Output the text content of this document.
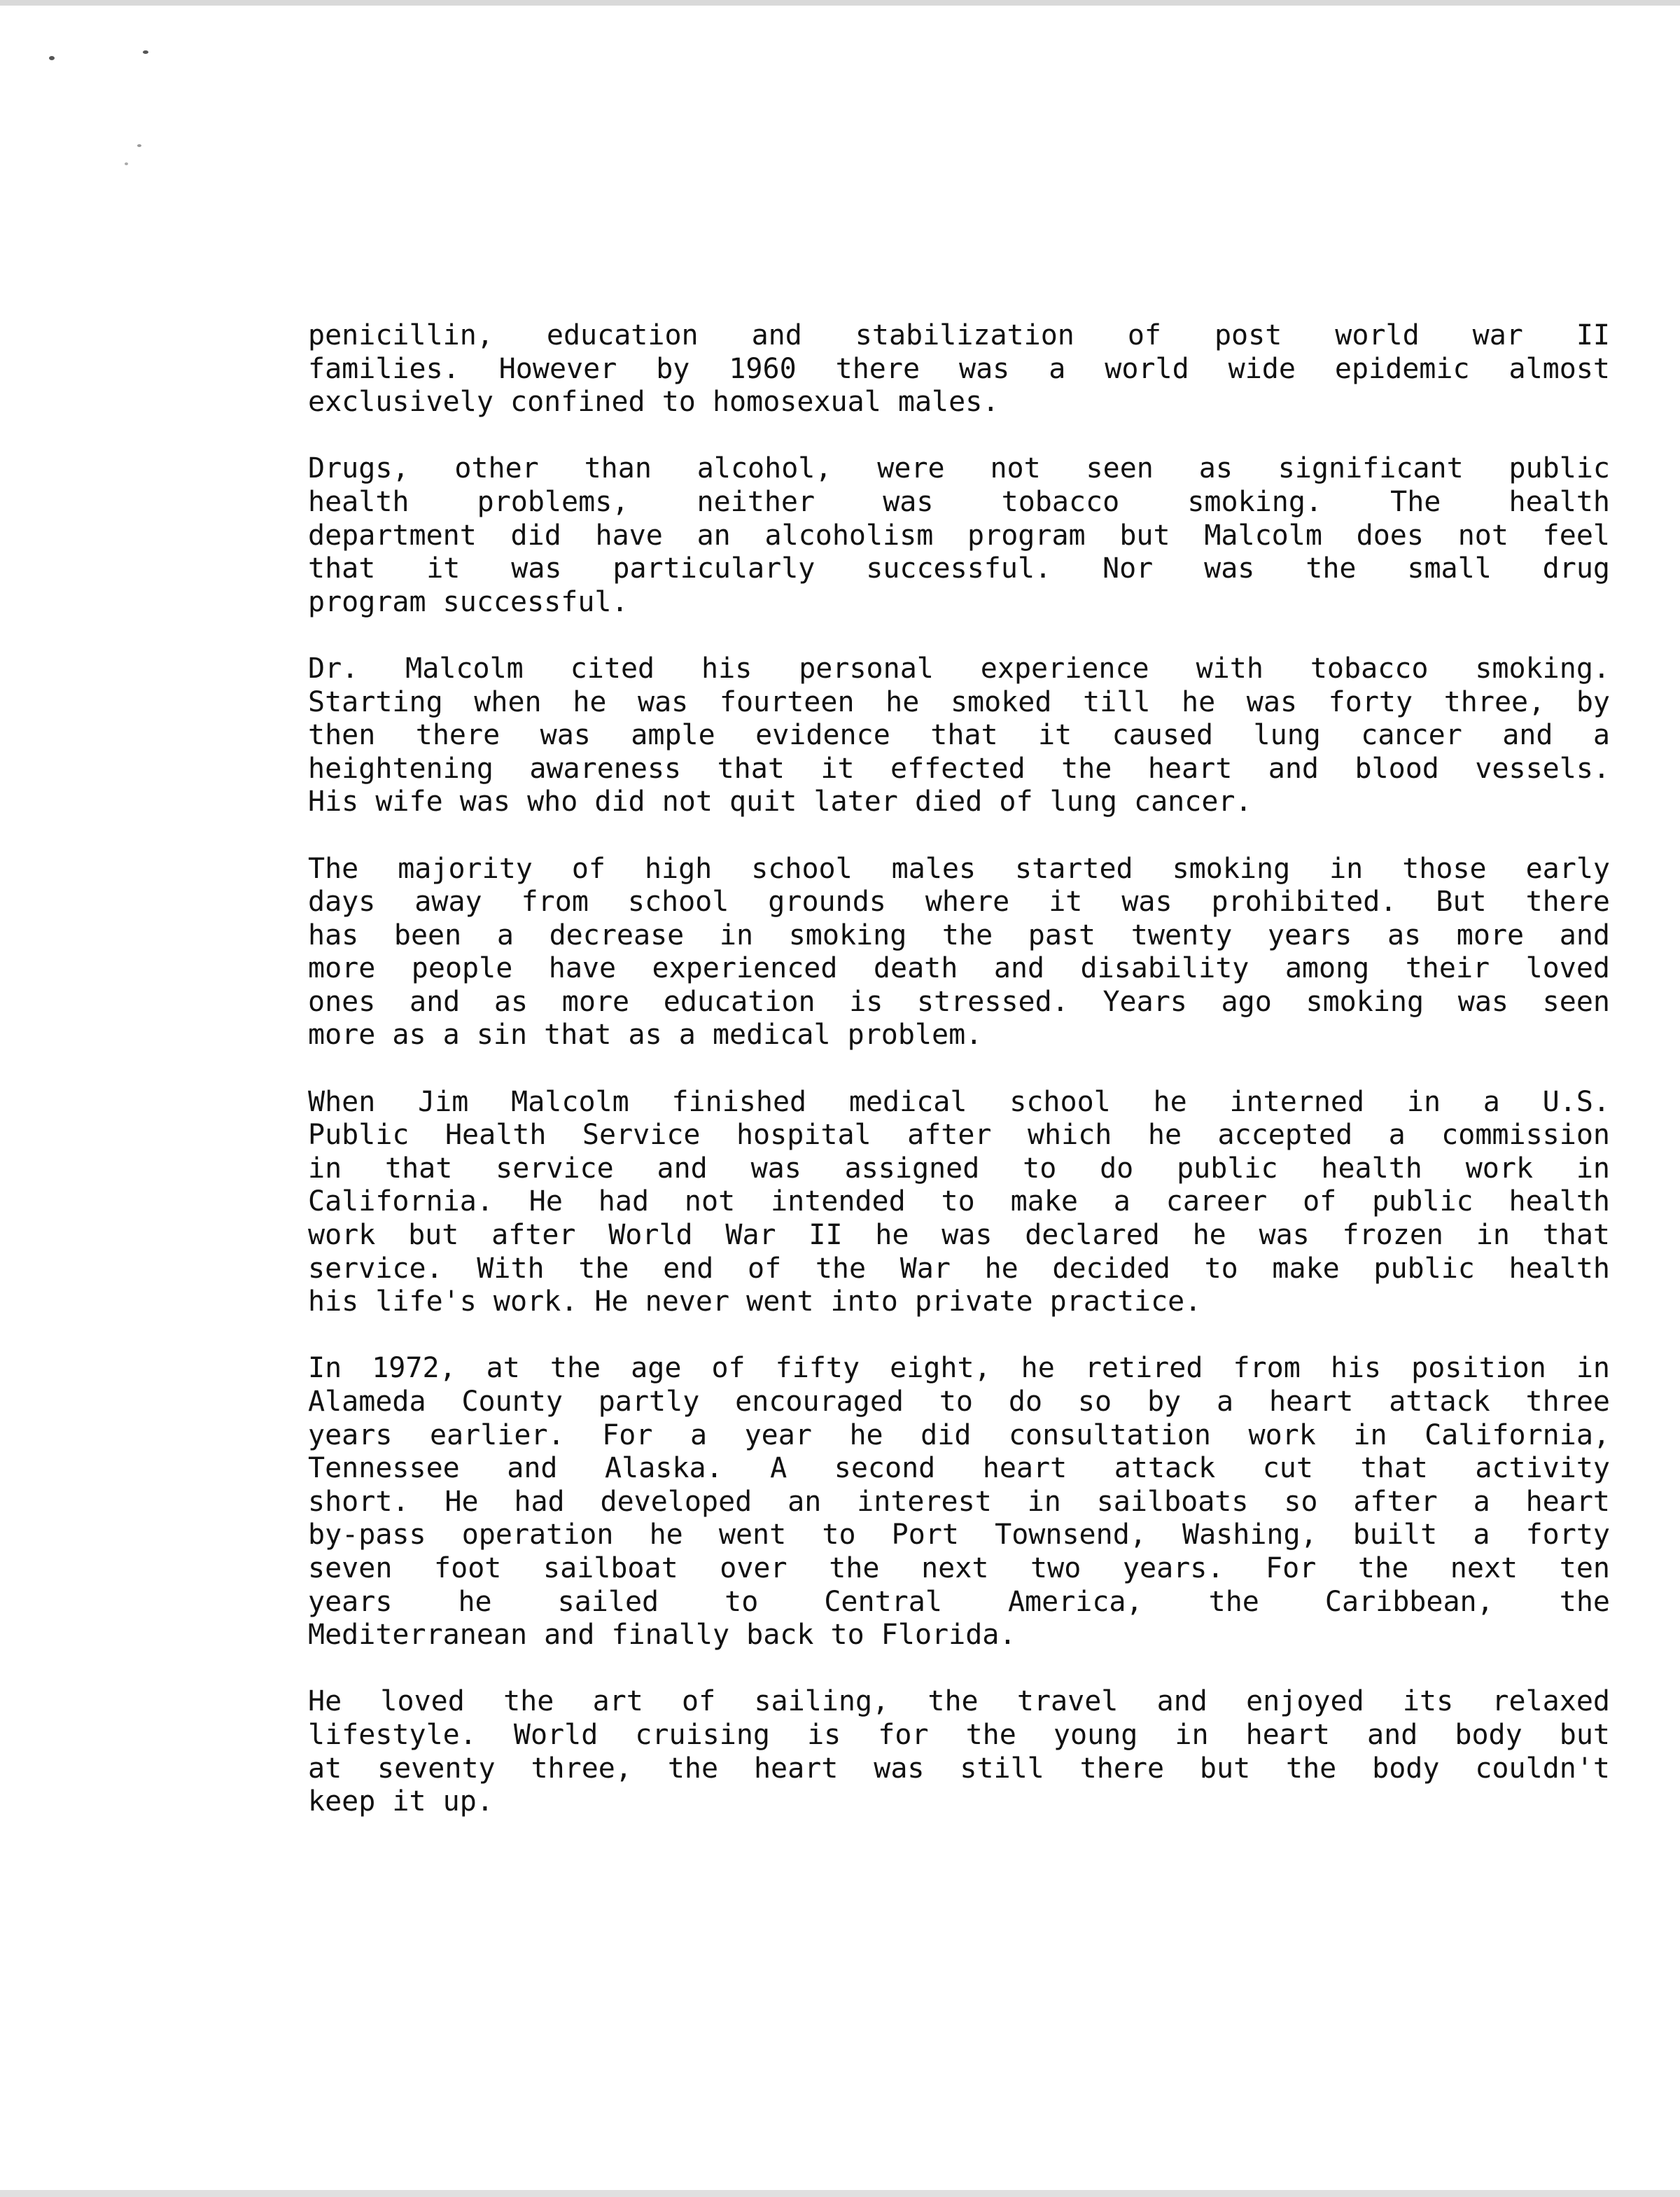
penicillin, education and stabilization of post world war II
families. However by 1960 there was a world wide epidemic almost
exclusively confined to homosexual males.
Drugs, other than alcohol, were not seen as significant public
health problems, neither was tobacco smoking. The health
department did have an alcoholism program but Malcolm does not feel
that it was particularly successful. Nor was the small drug
program successful.
Dr. Malcolm cited his personal experience with tobacco smoking.
Starting when he was fourteen he smoked till he was forty three, by
then there was ample evidence that it caused lung cancer and a
heightening awareness that it effected the heart and blood vessels.
His wife was who did not quit later died of lung cancer.
The majority of high school males started smoking in those early
days away from school grounds where it was prohibited. But there
has been a decrease in smoking the past twenty years as more and
more people have experienced death and disability among their loved
ones and as more education is stressed. Years ago smoking was seen
more as a sin that as a medical problem.
When Jim Malcolm finished medical school he interned in a U.S.
Public Health Service hospital after which he accepted a commission
in that service and was assigned to do public health work in
California. He had not intended to make a career of public health
work but after World War II he was declared he was frozen in that
service. With the end of the War he decided to make public health
his life's work. He never went into private practice.
In 1972, at the age of fifty eight, he retired from his position in
Alameda County partly encouraged to do so by a heart attack three
years earlier. For a year he did consultation work in California,
Tennessee and Alaska. A second heart attack cut that activity
short. He had developed an interest in sailboats so after a heart
by-pass operation he went to Port Townsend, Washing, built a forty
seven foot sailboat over the next two years. For the next ten
years he sailed to Central America, the Caribbean, the
Mediterranean and finally back to Florida.
He loved the art of sailing, the travel and enjoyed its relaxed
lifestyle. World cruising is for the young in heart and body but
at seventy three, the heart was still there but the body couldn't
keep it up.
